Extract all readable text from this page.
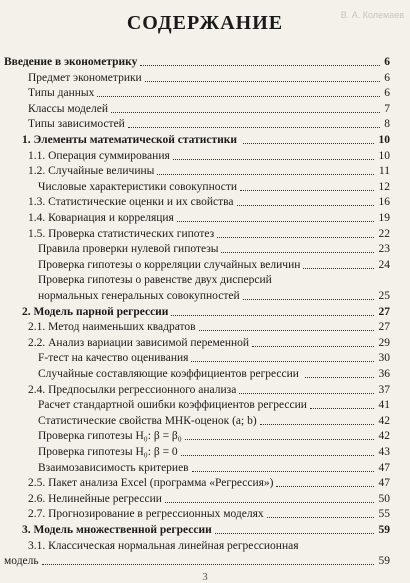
В. А. Колемаев
СОДЕРЖАНИЕ
Введение в эконометрику	6
Предмет эконометрики	6
Типы данных	6
Классы моделей	7
Типы зависимостей	8
1. Элементы математической статистики	10
1.1. Операция суммирования	10
1.2. Случайные величины	11
Числовые характеристики совокупности	12
1.3. Статистические оценки и их свойства	16
1.4. Ковариация и корреляция	19
1.5. Проверка статистических гипотез	22
Правила проверки нулевой гипотезы	23
Проверка гипотезы о корреляции случайных величин	24
Проверка гипотезы о равенстве двух дисперсий
нормальных генеральных совокупностей	25
2. Модель парной регрессии	27
2.1. Метод наименьших квадратов	27
2.2. Анализ вариации зависимой переменной	29
F-тест на качество оценивания	30
Случайные составляющие коэффициентов регрессии	36
2.4. Предпосылки регрессионного анализа	37
Расчет стандартной ошибки коэффициентов регрессии	41
Статистические свойства МНК-оценок (a; b)	42
Проверка гипотезы H₀: β = β₀	42
Проверка гипотезы H₀: β = 0	43
Взаимозависимость критериев	47
2.5. Пакет анализа Excel (программа «Регрессия»)	47
2.6. Нелинейные регрессии	50
2.7. Прогнозирование в регрессионных моделях	55
3. Модель множественной регрессии	59
3.1. Классическая нормальная линейная регрессионная
модель	59
3
